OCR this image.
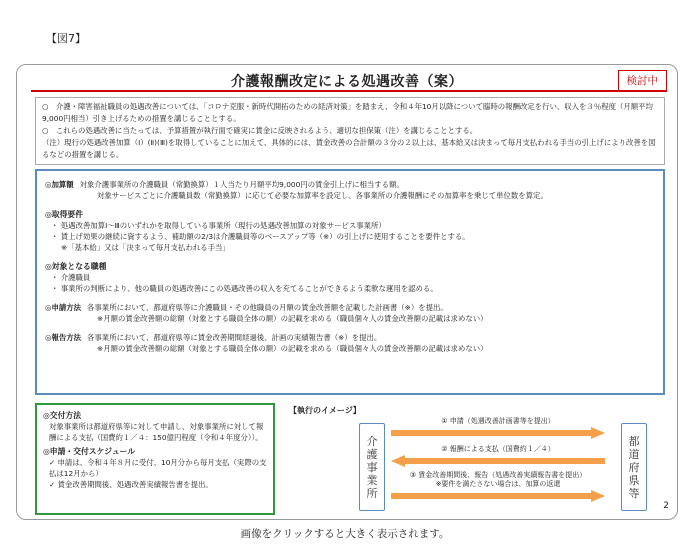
【図7】
介護報酬改定による処遇改善（案）	検討中

○　介護・障害福祉職員の処遇改善については、「コロナ克服・新時代開拓のための経済対策」を踏まえ、令和４年10月以降について臨時の報酬改定を行い、収入を３％程度（月額平均9,000円相当）引き上げるための措置を講じることとする。

○　これらの処遇改善に当たっては、予算措置が執行面で確実に賃金に反映されるよう、適切な担保策（注）を講じることとする。

（注）現行の処遇改善加算（Ⅰ）(Ⅱ)(Ⅲ)を取得していることに加えて、具体的には、賃金改善の合計額の３分の２以上は、基本給又は決まって毎月支払われる手当の引上げにより改善を図るなどの措置を講じる。

◎加算額 対象介護事業所の介護職員（常勤換算）１人当たり月額平均9,000円の賃金引上げに相当する額。
対象サービスごとに介護職員数（常勤換算）に応じて必要な加算率を設定し、各事業所の介護報酬にその加算率を乗じて単位数を算定。
◎取得要件
・ 処遇改善加算Ⅰ～Ⅲのいずれかを取得している事業所（現行の処遇改善加算の対象サービス事業所）
・ 賃上げ効果の継続に資するよう、補助額の2/3は介護職員等のベースアップ等（※）の引上げに使用することを要件とする。
※「基本給」又は「決まって毎月支払われる手当」
◎対象となる職種
・ 介護職員
・ 事業所の判断により、他の職員の処遇改善にこの処遇改善の収入を充てることができるよう柔軟な運用を認める。
◎申請方法 各事業所において、都道府県等に介護職員・その他職員の月額の賃金改善額を記載した計画書（※）を提出。
※月額の賃金改善額の総額（対象とする職員全体の額）の記載を求める（職員個々人の賃金改善額の記載は求めない）
◎報告方法 各事業所において、都道府県等に賃金改善期間経過後、計画の実績報告書（※）を提出。
※月額の賃金改善額の総額（対象とする職員全体の額）の記載を求める（職員個々人の賃金改善額の記載は求めない）
◎交付方法
対象事業所は都道府県等に対して申請し、対象事業所に対して報酬による支払（国費約１／４：150億円程度（令和４年度分））。
◎申請・交付スケジュール
✓ 申請は、令和４年８月に受付、10月分から毎月支払（実際の支払は12月から）
✓ 賃金改善期間後、処遇改善実績報告書を提出。
【執行のイメージ】
介
護
事
業
所
都
道
府
県
等
① 申請（処遇改善計画書等を提出）
② 報酬による支払（国費約１／４）
③ 賃金改善期間後、報告（処遇改善実績報告書を提出）
※要件を満たさない場合は、加算の返還
2
画像をクリックすると大きく表示されます。
